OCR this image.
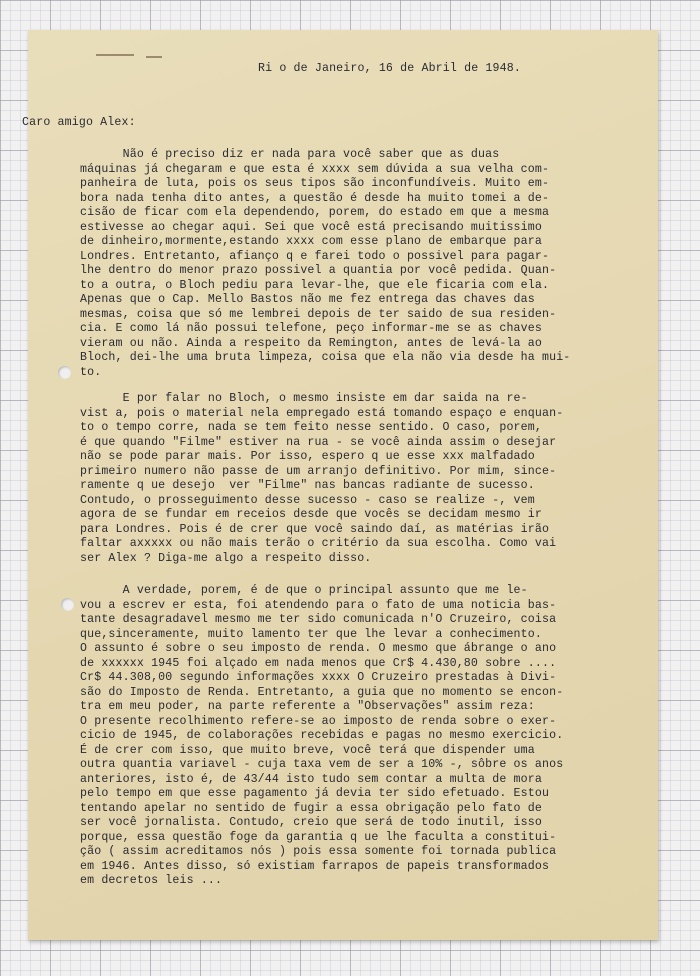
Ri o de Janeiro, 16 de Abril de 1948.
Caro amigo Alex:
Não é preciso diz er nada para você saber que as duas
máquinas já chegaram e que esta é xxxx sem dúvida a sua velha com-
panheira de luta, pois os seus tipos são inconfundíveis. Muito em-
bora nada tenha dito antes, a questão é desde ha muito tomei a de-
cisão de ficar com ela dependendo, porem, do estado em que a mesma
estivesse ao chegar aqui. Sei que você está precisando muitissimo
de dinheiro,mormente,estando xxxx com esse plano de embarque para
Londres. Entretanto, afianço q e farei todo o possivel para pagar-
lhe dentro do menor prazo possivel a quantia por você pedida. Quan-
to a outra, o Bloch pediu para levar-lhe, que ele ficaria com ela.
Apenas que o Cap. Mello Bastos não me fez entrega das chaves das
mesmas, coisa que só me lembrei depois de ter saido de sua residen-
cia. E como lá não possui telefone, peço informar-me se as chaves
vieram ou não. Ainda a respeito da Remington, antes de levá-la ao
Bloch, dei-lhe uma bruta limpeza, coisa que ela não via desde ha mui-
to.
E por falar no Bloch, o mesmo insiste em dar saida na re-
vist a, pois o material nela empregado está tomando espaço e enquan-
to o tempo corre, nada se tem feito nesse sentido. O caso, porem,
é que quando "Filme" estiver na rua - se você ainda assim o desejar
não se pode parar mais. Por isso, espero q ue esse xxx malfadado
primeiro numero não passe de um arranjo definitivo. Por mim, since-
ramente q ue desejo  ver "Filme" nas bancas radiante de sucesso.
Contudo, o prosseguimento desse sucesso - caso se realize -, vem
agora de se fundar em receios desde que vocês se decidam mesmo ir
para Londres. Pois é de crer que você saindo daí, as matérias irão
faltar axxxxx ou não mais terão o critério da sua escolha. Como vai
ser Alex ? Diga-me algo a respeito disso.
A verdade, porem, é de que o principal assunto que me le-
vou a escrev er esta, foi atendendo para o fato de uma noticia bas-
tante desagradavel mesmo me ter sido comunicada n'O Cruzeiro, coisa
que,sinceramente, muito lamento ter que lhe levar a conhecimento.
O assunto é sobre o seu imposto de renda. O mesmo que ábrange o ano
de xxxxxx 1945 foi alçado em nada menos que Cr$ 4.430,80 sobre ....
Cr$ 44.308,00 segundo informações xxxx O Cruzeiro prestadas à Divi-
são do Imposto de Renda. Entretanto, a guia que no momento se encon-
tra em meu poder, na parte referente a "Observações" assim reza:
O presente recolhimento refere-se ao imposto de renda sobre o exer-
cicio de 1945, de colaborações recebidas e pagas no mesmo exercicio.
É de crer com isso, que muito breve, você terá que dispender uma
outra quantia variavel - cuja taxa vem de ser a 10% -, sôbre os anos
anteriores, isto é, de 43/44 isto tudo sem contar a multa de mora
pelo tempo em que esse pagamento já devia ter sido efetuado. Estou
tentando apelar no sentido de fugir a essa obrigação pelo fato de
ser você jornalista. Contudo, creio que será de todo inutil, isso
porque, essa questão foge da garantia q ue lhe faculta a constitui-
ção ( assim acreditamos nós ) pois essa somente foi tornada publica
em 1946. Antes disso, só existiam farrapos de papeis transformados
em decretos leis ...
